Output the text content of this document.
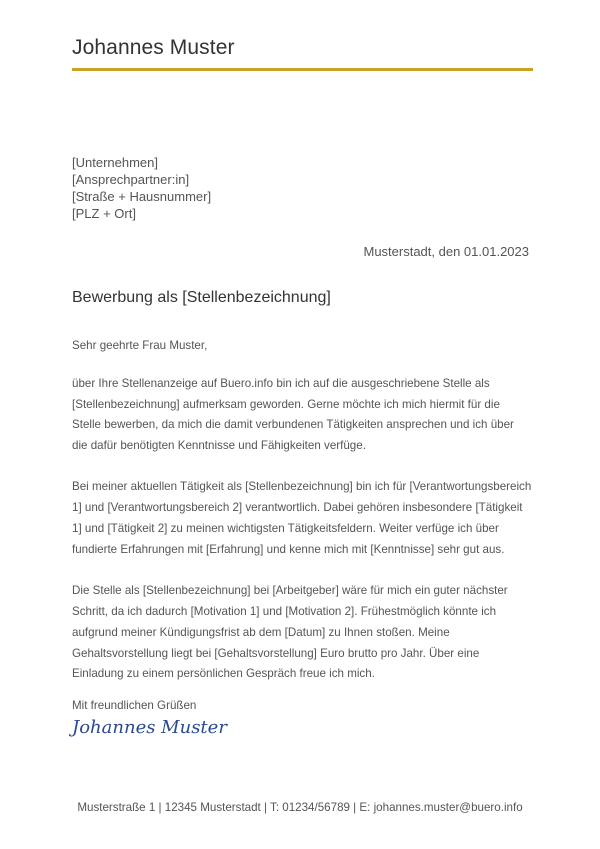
Johannes Muster
[Unternehmen]
[Ansprechpartner:in]
[Straße + Hausnummer]
[PLZ + Ort]
Musterstadt, den 01.01.2023
Bewerbung als [Stellenbezeichnung]

Sehr geehrte Frau Muster,

über Ihre Stellenanzeige auf Buero.info bin ich auf die ausgeschriebene Stelle als [Stellenbezeichnung] aufmerksam geworden. Gerne möchte ich mich hiermit für die Stelle bewerben, da mich die damit verbundenen Tätigkeiten ansprechen und ich über die dafür benötigten Kenntnisse und Fähigkeiten verfüge.

Bei meiner aktuellen Tätigkeit als [Stellenbezeichnung] bin ich für [Verantwortungsbereich 1] und [Verantwortungsbereich 2] verantwortlich. Dabei gehören insbesondere [Tätigkeit 1] und [Tätigkeit 2] zu meinen wichtigsten Tätigkeitsfeldern. Weiter verfüge ich über fundierte Erfahrungen mit [Erfahrung] und kenne mich mit [Kenntnisse] sehr gut aus.

Die Stelle als [Stellenbezeichnung] bei [Arbeitgeber] wäre für mich ein guter nächster Schritt, da ich dadurch [Motivation 1] und [Motivation 2]. Frühestmöglich könnte ich aufgrund meiner Kündigungsfrist ab dem [Datum] zu Ihnen stoßen. Meine Gehaltsvorstellung liegt bei [Gehaltsvorstellung] Euro brutto pro Jahr. Über eine Einladung zu einem persönlichen Gespräch freue ich mich.

Mit freundlichen Grüßen
Johannes Muster
Musterstraße 1 | 12345 Musterstadt | T: 01234/56789 | E: johannes.muster@buero.info
